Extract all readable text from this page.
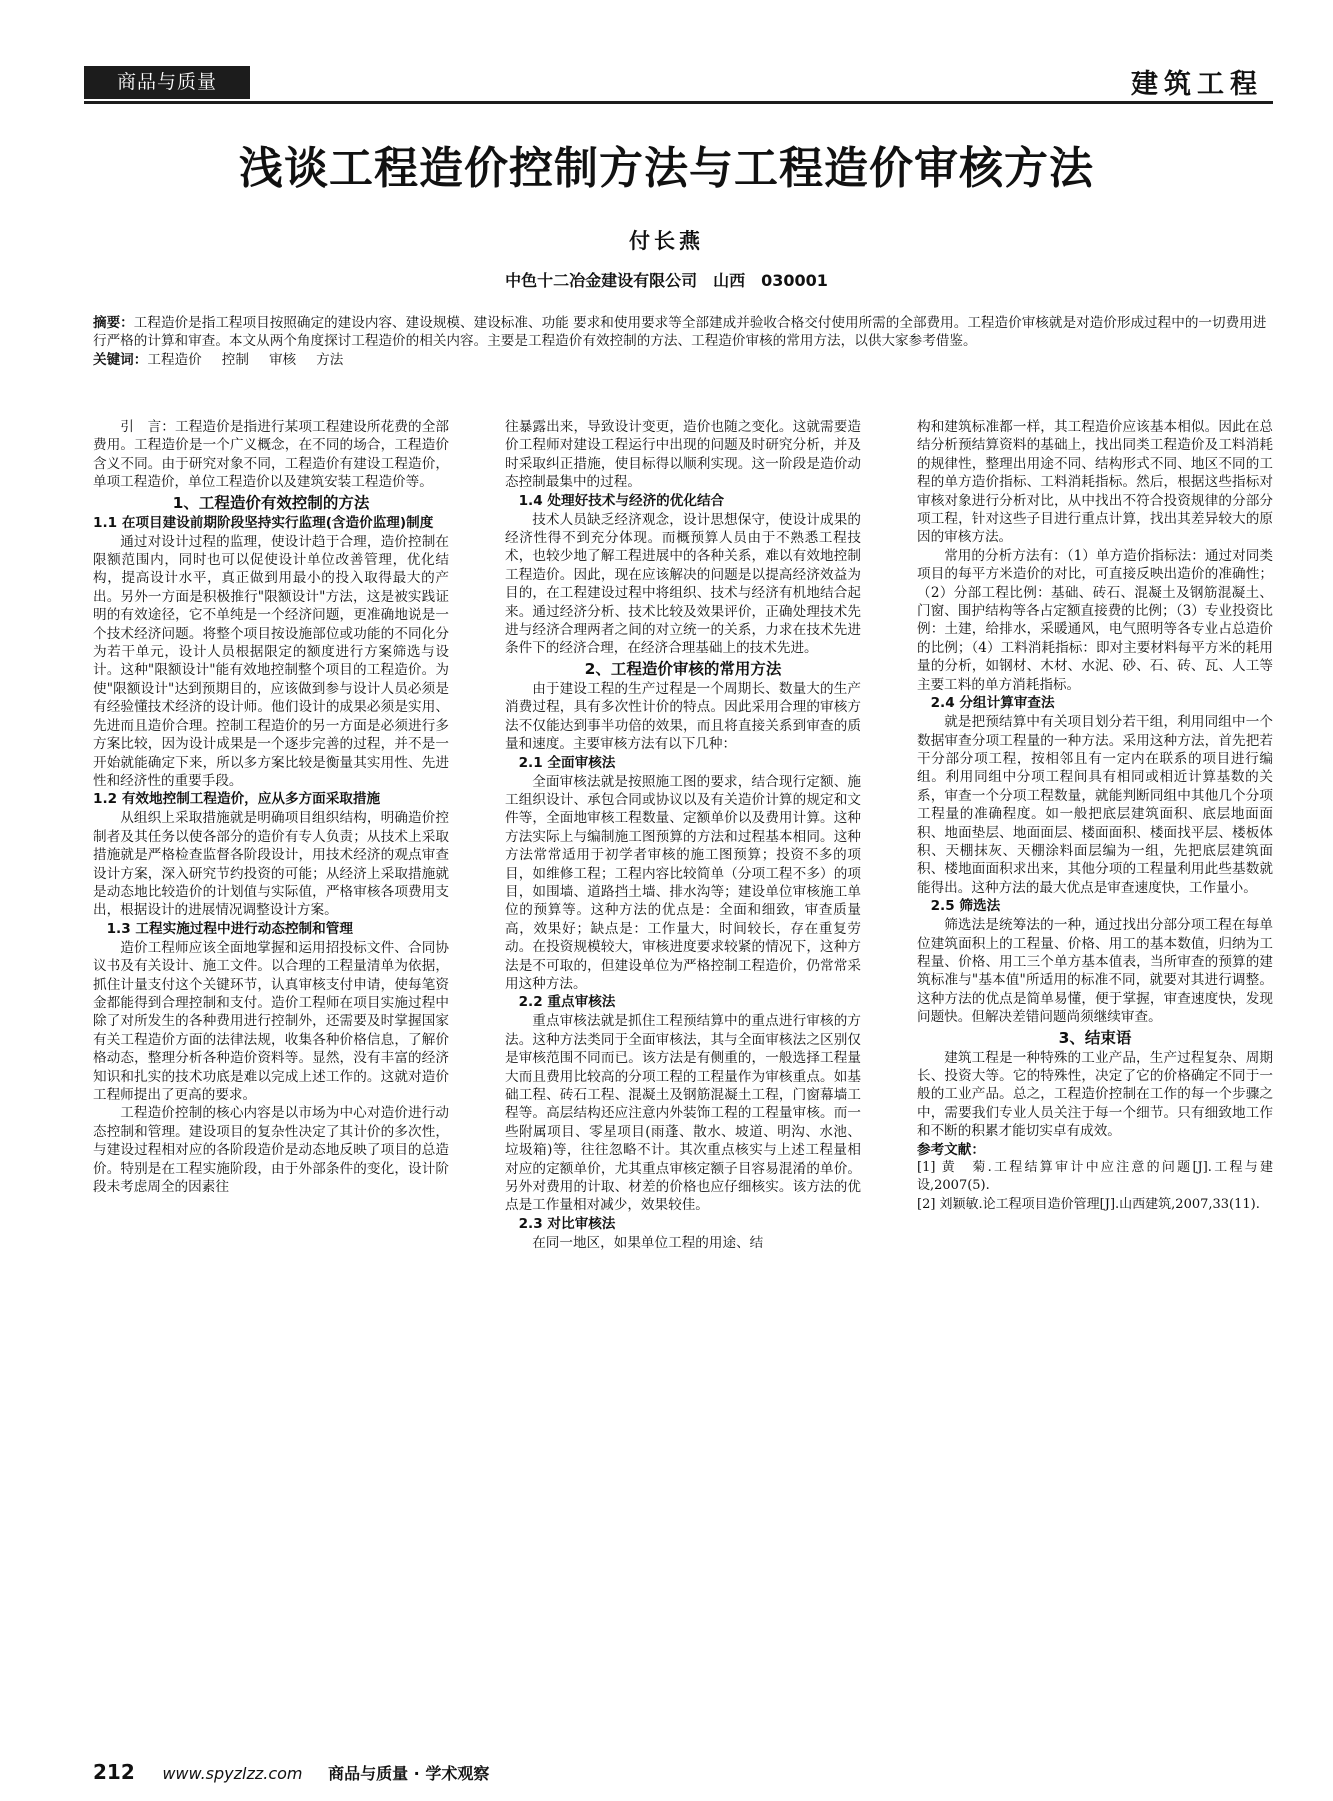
商品与质量	建筑工程
浅谈工程造价控制方法与工程造价审核方法
付长燕
中色十二冶金建设有限公司　山西　030001
摘要：工程造价是指工程项目按照确定的建设内容、建设规模、建设标准、功能 要求和使用要求等全部建成并验收合格交付使用所需的全部费用。工程造价审核就是对造价形成过程中的一切费用进行严格的计算和审查。本文从两个角度探讨工程造价的相关内容。主要是工程造价有效控制的方法、工程造价审核的常用方法，以供大家参考借鉴。
关键词：工程造价 控制 审核 方法

引　言：工程造价是指进行某项工程建设所花费的全部费用。工程造价是一个广义概念，在不同的场合，工程造价含义不同。由于研究对象不同，工程造价有建设工程造价，单项工程造价，单位工程造价以及建筑安装工程造价等。

1、工程造价有效控制的方法
1.1 在项目建设前期阶段坚持实行监理(含造价监理)制度

通过对设计过程的监理，使设计趋于合理，造价控制在限额范围内，同时也可以促使设计单位改善管理，优化结构，提高设计水平，真正做到用最小的投入取得最大的产出。另外一方面是积极推行"限额设计"方法，这是被实践证明的有效途径，它不单纯是一个经济问题，更准确地说是一个技术经济问题。将整个项目按设施部位或功能的不同化分为若干单元，设计人员根据限定的额度进行方案筛选与设计。这种"限额设计"能有效地控制整个项目的工程造价。为使"限额设计"达到预期目的，应该做到参与设计人员必须是有经验懂技术经济的设计师。他们设计的成果必须是实用、先进而且造价合理。控制工程造价的另一方面是必须进行多方案比较，因为设计成果是一个逐步完善的过程，并不是一开始就能确定下来，所以多方案比较是衡量其实用性、先进性和经济性的重要手段。

1.2 有效地控制工程造价，应从多方面采取措施

从组织上采取措施就是明确项目组织结构，明确造价控制者及其任务以使各部分的造价有专人负责；从技术上采取措施就是严格检查监督各阶段设计，用技术经济的观点审查设计方案，深入研究节约投资的可能；从经济上采取措施就是动态地比较造价的计划值与实际值，严格审核各项费用支出，根据设计的进展情况调整设计方案。

1.3 工程实施过程中进行动态控制和管理

造价工程师应该全面地掌握和运用招投标文件、合同协议书及有关设计、施工文件。以合理的工程量清单为依据，抓住计量支付这个关键环节，认真审核支付申请，使每笔资金都能得到合理控制和支付。造价工程师在项目实施过程中除了对所发生的各种费用进行控制外，还需要及时掌握国家有关工程造价方面的法律法规，收集各种价格信息，了解价格动态，整理分析各种造价资料等。显然，没有丰富的经济知识和扎实的技术功底是难以完成上述工作的。这就对造价工程师提出了更高的要求。

工程造价控制的核心内容是以市场为中心对造价进行动态控制和管理。建设项目的复杂性决定了其计价的多次性，与建设过程相对应的各阶段造价是动态地反映了项目的总造价。特别是在工程实施阶段，由于外部条件的变化，设计阶段未考虑周全的因素往

往暴露出来，导致设计变更，造价也随之变化。这就需要造价工程师对建设工程运行中出现的问题及时研究分析，并及时采取纠正措施，使目标得以顺利实现。这一阶段是造价动态控制最集中的过程。

1.4 处理好技术与经济的优化结合

技术人员缺乏经济观念，设计思想保守，使设计成果的经济性得不到充分体现。而概预算人员由于不熟悉工程技术，也较少地了解工程进展中的各种关系，难以有效地控制工程造价。因此，现在应该解决的问题是以提高经济效益为目的，在工程建设过程中将组织、技术与经济有机地结合起来。通过经济分析、技术比较及效果评价，正确处理技术先进与经济合理两者之间的对立统一的关系，力求在技术先进条件下的经济合理，在经济合理基础上的技术先进。

2、工程造价审核的常用方法

由于建设工程的生产过程是一个周期长、数量大的生产消费过程，具有多次性计价的特点。因此采用合理的审核方法不仅能达到事半功倍的效果，而且将直接关系到审查的质量和速度。主要审核方法有以下几种：

2.1 全面审核法

全面审核法就是按照施工图的要求，结合现行定额、施工组织设计、承包合同或协议以及有关造价计算的规定和文件等，全面地审核工程数量、定额单价以及费用计算。这种方法实际上与编制施工图预算的方法和过程基本相同。这种方法常常适用于初学者审核的施工图预算；投资不多的项目，如维修工程；工程内容比较简单（分项工程不多）的项目，如围墙、道路挡土墙、排水沟等；建设单位审核施工单位的预算等。这种方法的优点是：全面和细致，审查质量高，效果好；缺点是：工作量大，时间较长，存在重复劳动。在投资规模较大，审核进度要求较紧的情况下，这种方法是不可取的，但建设单位为严格控制工程造价，仍常常采用这种方法。

2.2 重点审核法

重点审核法就是抓住工程预结算中的重点进行审核的方法。这种方法类同于全面审核法，其与全面审核法之区别仅是审核范围不同而已。该方法是有侧重的，一般选择工程量大而且费用比较高的分项工程的工程量作为审核重点。如基础工程、砖石工程、混凝土及钢筋混凝土工程，门窗幕墙工程等。高层结构还应注意内外装饰工程的工程量审核。而一些附属项目、零星项目(雨蓬、散水、坡道、明沟、水池、垃圾箱)等，往往忽略不计。其次重点核实与上述工程量相对应的定额单价，尤其重点审核定额子目容易混淆的单价。另外对费用的计取、材差的价格也应仔细核实。该方法的优点是工作量相对减少，效果较佳。

2.3 对比审核法

在同一地区，如果单位工程的用途、结

构和建筑标准都一样，其工程造价应该基本相似。因此在总结分析预结算资料的基础上，找出同类工程造价及工料消耗的规律性，整理出用途不同、结构形式不同、地区不同的工程的单方造价指标、工料消耗指标。然后，根据这些指标对审核对象进行分析对比，从中找出不符合投资规律的分部分项工程，针对这些子目进行重点计算，找出其差异较大的原因的审核方法。

常用的分析方法有：（1）单方造价指标法：通过对同类项目的每平方米造价的对比，可直接反映出造价的准确性；（2）分部工程比例：基础、砖石、混凝土及钢筋混凝土、门窗、围护结构等各占定额直接费的比例；（3）专业投资比例：土建，给排水，采暖通风，电气照明等各专业占总造价的比例；（4）工料消耗指标：即对主要材料每平方米的耗用量的分析，如钢材、木材、水泥、砂、石、砖、瓦、人工等主要工料的单方消耗指标。

2.4 分组计算审查法

就是把预结算中有关项目划分若干组，利用同组中一个数据审查分项工程量的一种方法。采用这种方法，首先把若干分部分项工程，按相邻且有一定内在联系的项目进行编组。利用同组中分项工程间具有相同或相近计算基数的关系，审查一个分项工程数量，就能判断同组中其他几个分项工程量的准确程度。如一般把底层建筑面积、底层地面面积、地面垫层、地面面层、楼面面积、楼面找平层、楼板体积、天棚抹灰、天棚涂料面层编为一组，先把底层建筑面积、楼地面面积求出来，其他分项的工程量利用此些基数就能得出。这种方法的最大优点是审查速度快，工作量小。

2.5 筛选法

筛选法是统筹法的一种，通过找出分部分项工程在每单位建筑面积上的工程量、价格、用工的基本数值，归纳为工程量、价格、用工三个单方基本值表，当所审查的预算的建筑标准与"基本值"所适用的标准不同，就要对其进行调整。这种方法的优点是简单易懂，便于掌握，审查速度快，发现问题快。但解决差错问题尚须继续审查。

3、结束语

建筑工程是一种特殊的工业产品，生产过程复杂、周期长、投资大等。它的特殊性，决定了它的价格确定不同于一般的工业产品。总之，工程造价控制在工作的每一个步骤之中，需要我们专业人员关注于每一个细节。只有细致地工作和不断的积累才能切实卓有成效。

参考文献：

[1] 黄　菊.工程结算审计中应注意的问题[J].工程与建设,2007(5).

[2] 刘颖敏.论工程项目造价管理[J].山西建筑,2007,33(11).

212 www.spyzlzz.com 商品与质量 · 学术观察
